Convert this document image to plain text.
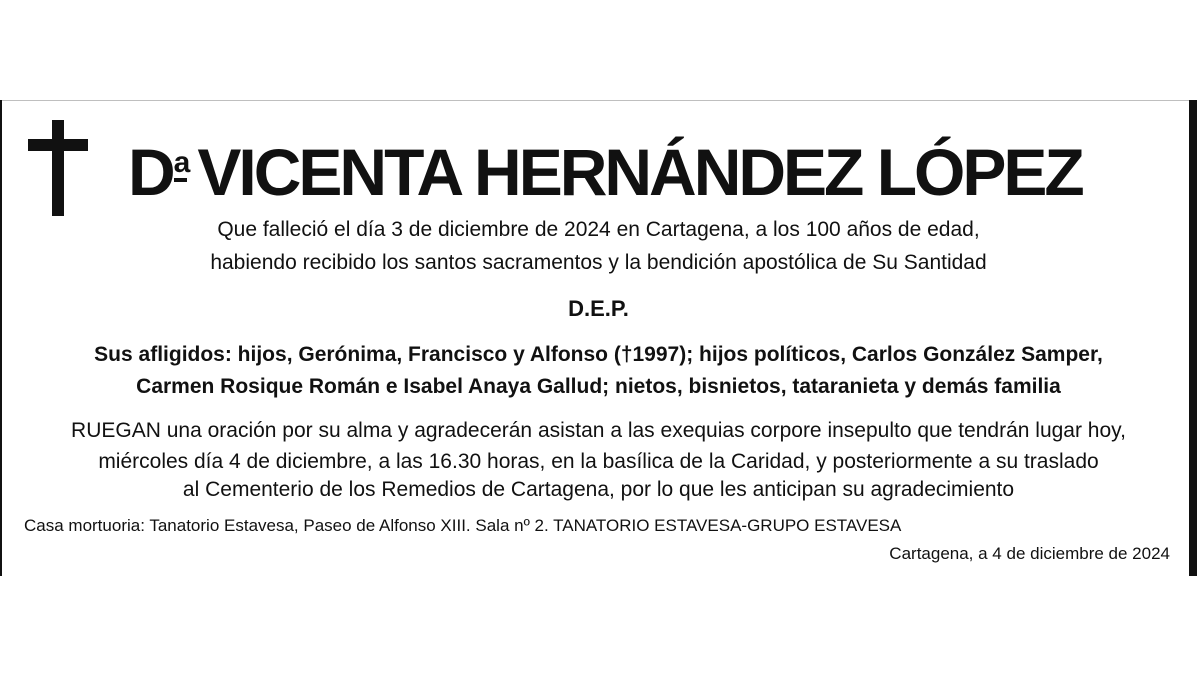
Da VICENTA HERNÁNDEZ LÓPEZ
Que falleció el día 3 de diciembre de 2024 en Cartagena, a los 100 años de edad,
habiendo recibido los santos sacramentos y la bendición apostólica de Su Santidad
D.E.P.
Sus afligidos: hijos, Gerónima, Francisco y Alfonso (†1997); hijos políticos, Carlos González Samper,
Carmen Rosique Román e Isabel Anaya Gallud; nietos, bisnietos, tataranieta y demás familia
RUEGAN una oración por su alma y agradecerán asistan a las exequias corpore insepulto que tendrán lugar hoy,
miércoles día 4 de diciembre, a las 16.30 horas, en la basílica de la Caridad, y posteriormente a su traslado
al Cementerio de los Remedios de Cartagena, por lo que les anticipan su agradecimiento
Casa mortuoria: Tanatorio Estavesa, Paseo de Alfonso XIII. Sala nº 2. TANATORIO ESTAVESA-GRUPO ESTAVESA
Cartagena, a 4 de diciembre de 2024
